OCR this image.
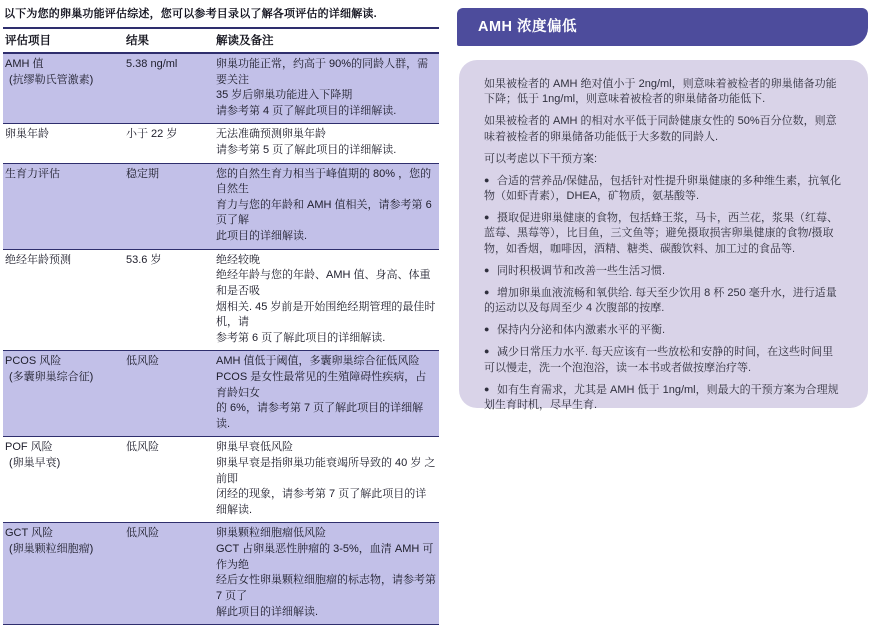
以下为您的卵巢功能评估综述，您可以参考目录以了解各项评估的详细解读.
评估项目	结果	解读及备注

AMH 值
(抗缪勒氏管激素)
	5.38 ng/ml	卵巢功能正常，约高于 90%的同龄人群，需要关注
35 岁后卵巢功能进入下降期
请参考第 4 页了解此项目的详细解读.

卵巢年龄	小于 22 岁	无法准确预测卵巢年龄
请参考第 5 页了解此项目的详细解读.

生育力评估	稳定期	您的自然生育力相当于峰值期的 80% ，您的自然生
育力与您的年龄和 AMH 值相关，请参考第 6 页了解
此项目的详细解读.

绝经年龄预测	53.6 岁	绝经较晚
绝经年龄与您的年龄、AMH 值、身高、体重和是否吸
烟相关. 45 岁前是开始围绝经期管理的最佳时机，请
参考第 6 页了解此项目的详细解读.

PCOS 风险
(多囊卵巢综合征)
	低风险	AMH 值低于阈值，多囊卵巢综合征低风险
PCOS 是女性最常见的生殖障碍性疾病，占育龄妇女
的 6%，请参考第 7 页了解此项目的详细解读.

POF 风险
(卵巢早衰)
	低风险	卵巢早衰低风险
卵巢早衰是指卵巢功能衰竭所导致的 40 岁 之前即
闭经的现象，请参考第 7 页了解此项目的详细解读.

GCT 风险
(卵巢颗粒细胞瘤)
	低风险	卵巢颗粒细胞瘤低风险
GCT 占卵巢恶性肿瘤的 3-5%，血清 AMH 可作为绝
经后女性卵巢颗粒细胞瘤的标志物，请参考第 7 页了
解此项目的详细解读.
AMH 浓度偏低

如果被检者的 AMH 绝对值小于 2ng/ml，则意味着被检者的卵巢储备功能下降；低于 1ng/ml，则意味着被检者的卵巢储备功能低下.

如果被检者的 AMH 的相对水平低于同龄健康女性的 50%百分位数，则意味着被检者的卵巢储备功能低于大多数的同龄人.

可以考虑以下干预方案:

● 合适的营养品/保健品，包括针对性提升卵巢健康的多种维生素，抗氧化物（如虾青素），DHEA，矿物质，氨基酸等.

● 摄取促进卵巢健康的食物，包括蜂王浆，马卡，西兰花，浆果（红莓、蓝莓、黑莓等），比目鱼，三文鱼等；避免摄取损害卵巢健康的食物/摄取物，如香烟，咖啡因，酒精、糖类、碳酸饮料、加工过的食品等.

● 同时积极调节和改善一些生活习惯.

● 增加卵巢血液流畅和氧供给. 每天至少饮用 8 杯 250 毫升水，进行适量的运动以及每周至少 4 次腹部的按摩.

● 保持内分泌和体内激素水平的平衡.

● 减少日常压力水平. 每天应该有一些放松和安静的时间，在这些时间里可以慢走，洗一个泡泡浴，读一本书或者做按摩治疗等.

● 如有生育需求，尤其是 AMH 低于 1ng/ml，则最大的干预方案为合理规划生育时机，尽早生育.
